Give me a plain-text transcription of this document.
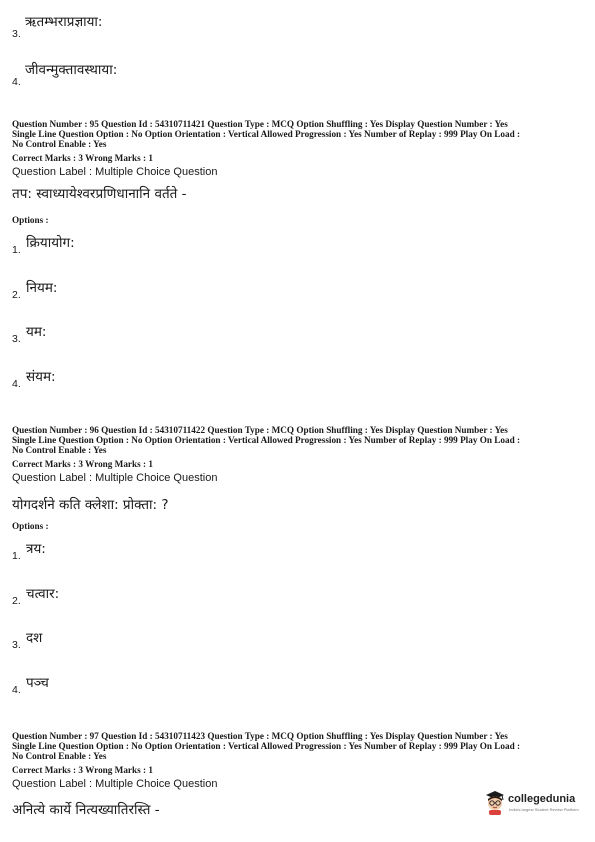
ऋतम्भराप्रज्ञाया:
3.
जीवन्मुक्तावस्थाया:
4.
Question Number : 95 Question Id : 54310711421 Question Type : MCQ Option Shuffling : Yes Display Question Number : Yes
Single Line Question Option : No Option Orientation : Vertical Allowed Progression : Yes Number of Replay : 999 Play On Load :
No Control Enable : Yes
Correct Marks : 3 Wrong Marks : 1
Question Label : Multiple Choice Question
तप: स्वाध्यायेश्वरप्रणिधानानि वर्तते -
Options :
क्रियायोग:
1.
नियम:
2.
यम:
3.
संयम:
4.
Question Number : 96 Question Id : 54310711422 Question Type : MCQ Option Shuffling : Yes Display Question Number : Yes
Single Line Question Option : No Option Orientation : Vertical Allowed Progression : Yes Number of Replay : 999 Play On Load :
No Control Enable : Yes
Correct Marks : 3 Wrong Marks : 1
Question Label : Multiple Choice Question
योगदर्शने कति क्लेशा: प्रोक्ता: ?
Options :
त्रय:
1.
चत्वार:
2.
दश
3.
पञ्च
4.
Question Number : 97 Question Id : 54310711423 Question Type : MCQ Option Shuffling : Yes Display Question Number : Yes
Single Line Question Option : No Option Orientation : Vertical Allowed Progression : Yes Number of Replay : 999 Play On Load :
No Control Enable : Yes
Correct Marks : 3 Wrong Marks : 1
Question Label : Multiple Choice Question
अनित्ये कार्ये नित्यख्यातिरस्ति -
collegedunia
India's largest Student Review Platform
